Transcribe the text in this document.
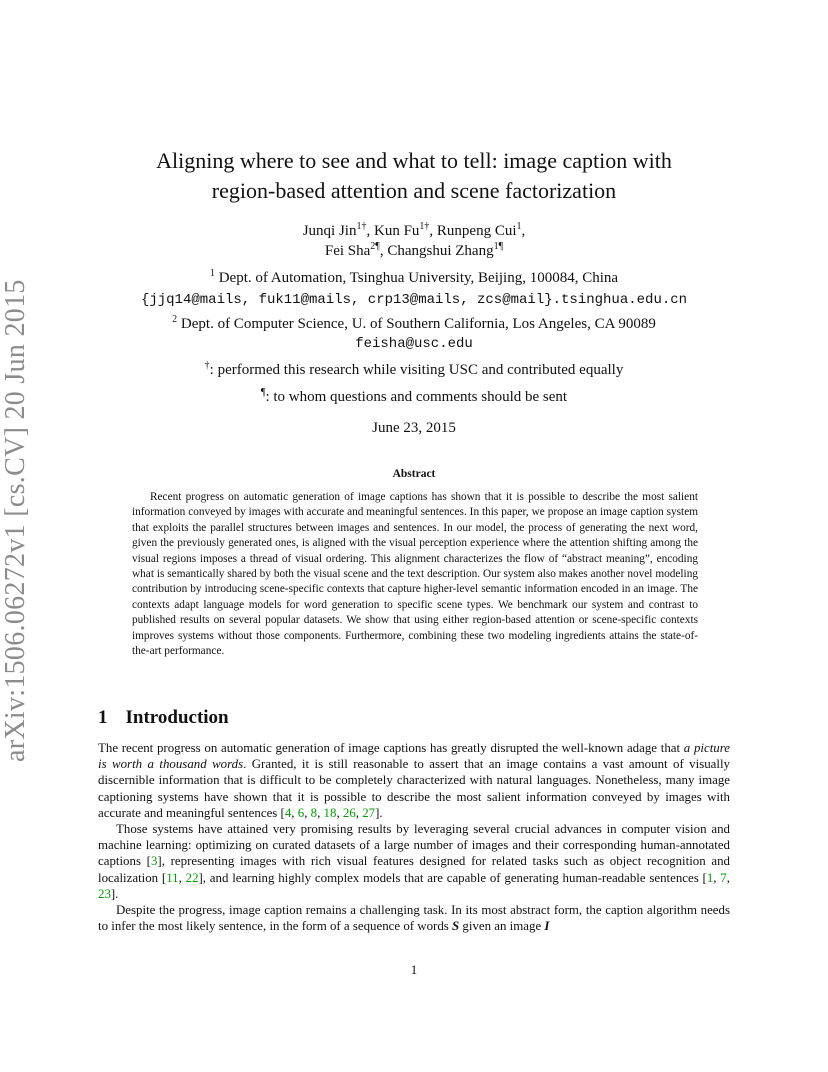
arXiv:1506.06272v1 [cs.CV] 20 Jun 2015
Aligning where to see and what to tell: image caption with
region-based attention and scene factorization
Junqi Jin$^{1\dagger}$, Kun $Fu^{1\dagger}$, Runpeng Cui$^1$,
Fei Sha$^{2\P}$, Changshui Zhang$^{1\P}$
$^1$ Dept. of Automation, Tsinghua University, Beijing, 100084, China
{jjq14@mails, fuk11@mails, crp13@mails, zcs@mail}.tsinghua.edu.cn
$^2$ Dept. of Computer Science, U. of Southern California, Los Angeles, CA 90089
feisha@usc.edu
†: performed this research while visiting USC and contributed equally
¶: to whom questions and comments should be sent
June 23, 2015
Abstract
Recent progress on automatic generation of image captions has shown that it is possible to describe the most salient information conveyed by images with accurate and meaningful sentences. In this paper, we propose an image caption system that exploits the parallel structures between images and sentences. In our model, the process of generating the next word, given the previously generated ones, is aligned with the visual perception experience where the attention shifting among the visual regions imposes a thread of visual ordering. This alignment characterizes the flow of “abstract meaning”, encoding what is semantically shared by both the visual scene and the text description. Our system also makes another novel modeling contribution by introducing scene-specific contexts that capture higher-level semantic information encoded in an image. The contexts adapt language models for word generation to specific scene types. We benchmark our system and contrast to published results on several popular datasets. We show that using either region-based attention or scene-specific contexts improves systems without those components. Furthermore, combining these two modeling ingredients attains the state-of-the-art performance.
1 Introduction

The recent progress on automatic generation of image captions has greatly disrupted the well-known adage that a picture is worth a thousand words. Granted, it is still reasonable to assert that an image contains a vast amount of visually discernible information that is difficult to be completely characterized with natural languages. Nonetheless, many image captioning systems have shown that it is possible to describe the most salient information conveyed by images with accurate and meaningful sentences [4, 6, 8, 18, 26, 27].

Those systems have attained very promising results by leveraging several crucial advances in computer vision and machine learning: optimizing on curated datasets of a large number of images and their corresponding human-annotated captions [3], representing images with rich visual features designed for related tasks such as object recognition and localization [11, 22], and learning highly complex models that are capable of generating human-readable sentences [1, 7, 23].

Despite the progress, image caption remains a challenging task. In its most abstract form, the caption algorithm needs to infer the most likely sentence, in the form of a sequence of words S given an image I

1
